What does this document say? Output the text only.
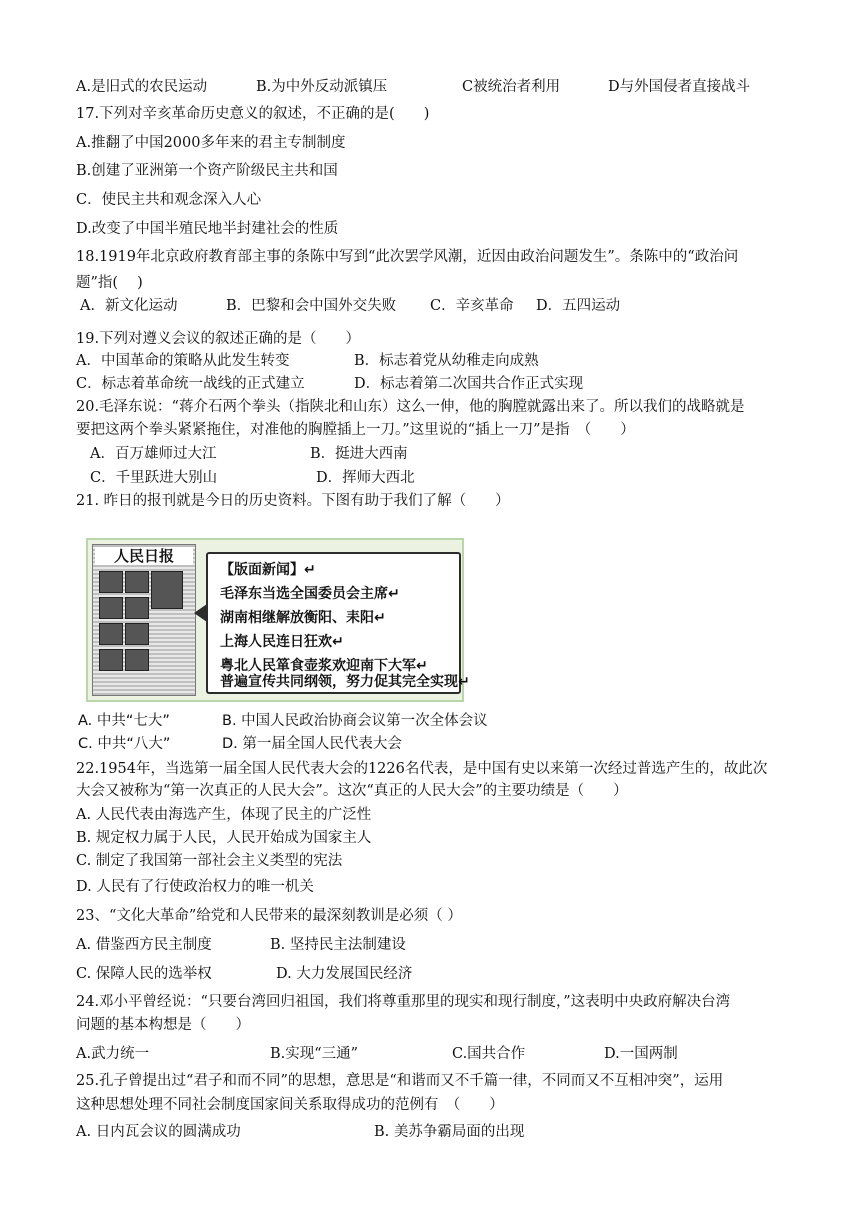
A.是旧式的农民运动	B.为中外反动派镇压	C被统治者利用	D与外国侵者直接战斗
17.下列对辛亥革命历史意义的叙述，不正确的是(　　)
A.推翻了中国2000多年来的君主专制制度
B.创建了亚洲第一个资产阶级民主共和国
C．使民主共和观念深入人心
D.改变了中国半殖民地半封建社会的性质
18.1919年北京政府教育部主事的条陈中写到“此次罢学风潮，近因由政治问题发生”。条陈中的“政治问
题”指(　 )
A．新文化运动	B．巴黎和会中国外交失败 C．辛亥革命 D．五四运动
19.下列对遵义会议的叙述正确的是（　　）
A．中国革命的策略从此发生转变	B．标志着党从幼稚走向成熟
C．标志着革命统一战线的正式建立	D．标志着第二次国共合作正式实现
20.毛泽东说：“蒋介石两个拳头（指陕北和山东）这么一伸，他的胸膛就露出来了。所以我们的战略就是
要把这两个拳头紧紧拖住，对准他的胸膛插上一刀。”这里说的“插上一刀”是指　（　　）
A．百万雄师过大江	B．挺进大西南
C．千里跃进大别山	D．挥师大西北
21. 昨日的报刊就是今日的历史资料。下图有助于我们了解（　　）
人民日报
【版面新闻】↵
毛泽东当选全国委员会主席↵
湖南相继解放衡阳、耒阳↵
上海人民连日狂欢↵
粤北人民箪食壶浆欢迎南下大军↵
普遍宣传共同纲领，努力促其完全实现↵
A. 中共“七大”	B. 中国人民政治协商会议第一次全体会议
C. 中共“八大”	D. 第一届全国人民代表大会
22.1954年，当选第一届全国人民代表大会的1226名代表，是中国有史以来第一次经过普选产生的，故此次
大会又被称为“第一次真正的人民大会”。这次“真正的人民大会”的主要功绩是（　　）
A. 人民代表由海选产生，体现了民主的广泛性
B. 规定权力属于人民，人民开始成为国家主人
C. 制定了我国第一部社会主义类型的宪法
D. 人民有了行使政治权力的唯一机关
23、“文化大革命”给党和人民带来的最深刻教训是必须（ ）
A. 借鉴西方民主制度	B. 坚持民主法制建设
C. 保障人民的选举权	D. 大力发展国民经济
24.邓小平曾经说：“只要台湾回归祖国，我们将尊重那里的现实和现行制度，”这表明中央政府解决台湾
问题的基本构想是（　　）
A.武力统一	B.实现“三通”	C.国共合作	D.一国两制
25.孔子曾提出过“君子和而不同”的思想，意思是“和谐而又不千篇一律，不同而又不互相冲突”，运用
这种思想处理不同社会制度国家间关系取得成功的范例有　（　　）
A. 日内瓦会议的圆满成功	B. 美苏争霸局面的出现
